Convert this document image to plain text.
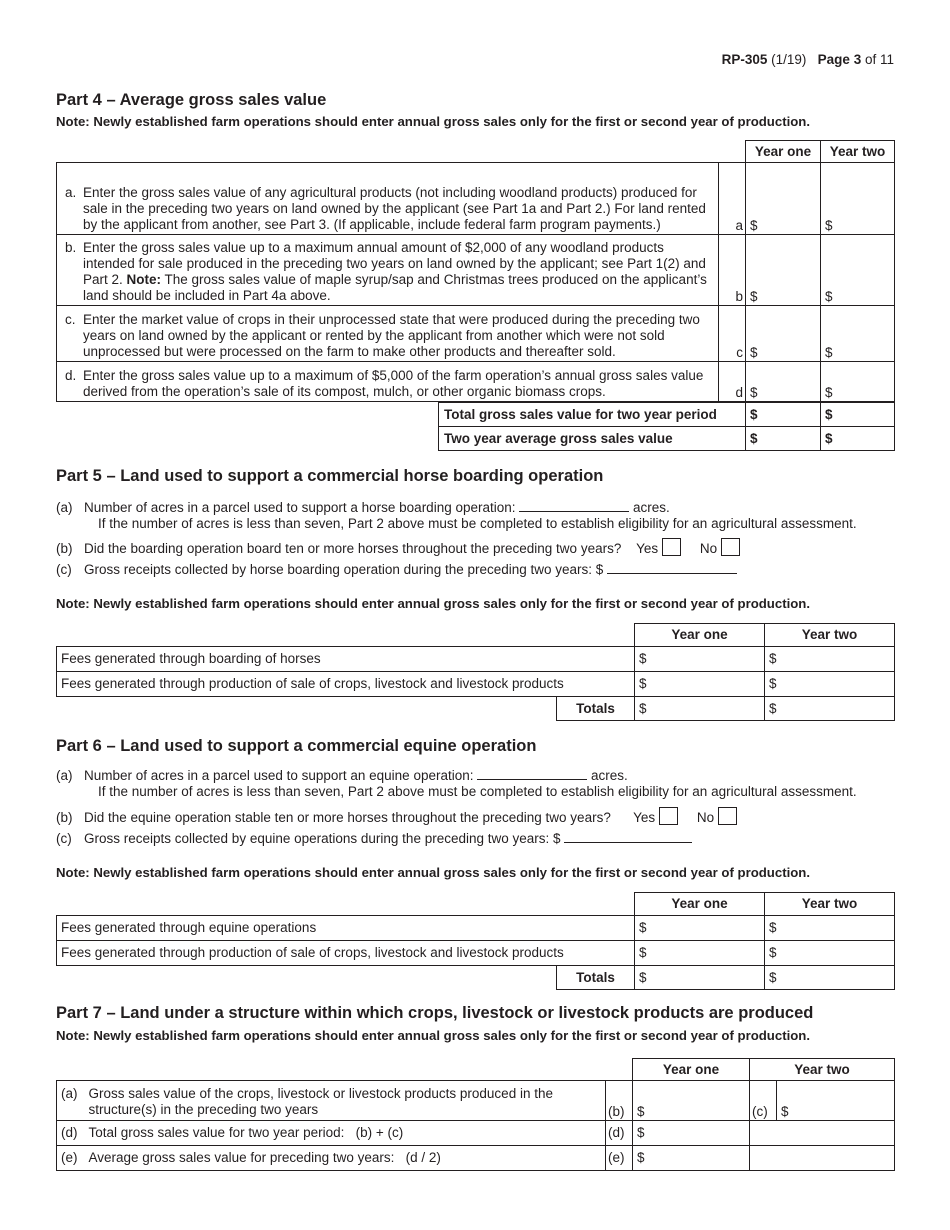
RP-305 (1/19) Page 3 of 11
Part 4 – Average gross sales value
Note: Newly established farm operations should enter annual gross sales only for the first or second year of production.
		Year one	Year two

a. Enter the gross sales value of any agricultural products (not including woodland products) produced for sale in the preceding two years on land owned by the applicant (see Part 1a and Part 2.) For land rented by the applicant from another, see Part 3. (If applicable, include federal farm program payments.)	a	$	$

b. Enter the gross sales value up to a maximum annual amount of $2,000 of any woodland products intended for sale produced in the preceding two years on land owned by the applicant; see Part 1(2) and Part 2. Note: The gross sales value of maple syrup/sap and Christmas trees produced on the applicant’s land should be included in Part 4a above.	b	$	$

c. Enter the market value of crops in their unprocessed state that were produced during the preceding two years on land owned by the applicant or rented by the applicant from another which were not sold unprocessed but were processed on the farm to make other products and thereafter sold.	c	$	$

d. Enter the gross sales value up to a maximum of $5,000 of the farm operation’s annual gross sales value derived from the operation’s sale of its compost, mulch, or other organic biomass crops.	d	$	$
Total gross sales value for two year period	$	$
Two year average gross sales value	$	$
Part 5 – Land used to support a commercial horse boarding operation
(a) Number of acres in a parcel used to support a horse boarding operation:	acres.
If the number of acres is less than seven, Part 2 above must be completed to establish eligibility for an agricultural assessment.
(b) Did the boarding operation board ten or more horses throughout the preceding two years? Yes	No
(c) Gross receipts collected by horse boarding operation during the preceding two years: $
Note: Newly established farm operations should enter annual gross sales only for the first or second year of production.
		Year one	Year two
Fees generated through boarding of horses		$	$
Fees generated through production of sale of crops, livestock and livestock products		$	$
	Totals	$	$
Part 6 – Land used to support a commercial equine operation
(a) Number of acres in a parcel used to support an equine operation:	acres.
If the number of acres is less than seven, Part 2 above must be completed to establish eligibility for an agricultural assessment.
(b) Did the equine operation stable ten or more horses throughout the preceding two years? Yes	No
(c) Gross receipts collected by equine operations during the preceding two years: $
Note: Newly established farm operations should enter annual gross sales only for the first or second year of production.
		Year one	Year two
Fees generated through equine operations		$	$
Fees generated through production of sale of crops, livestock and livestock products		$	$
	Totals	$	$
Part 7 – Land under a structure within which crops, livestock or livestock products are produced
Note: Newly established farm operations should enter annual gross sales only for the first or second year of production.
			Year one	Year two	
(a)	Gross sales value of the crops, livestock or livestock products produced in the structure(s) in the preceding two years	(b)	$	(c)	$
(d)	Total gross sales value for two year period:   (b) + (c)	(d)	$		
(e)	Average gross sales value for preceding two years:   (d / 2)	(e)	$		
